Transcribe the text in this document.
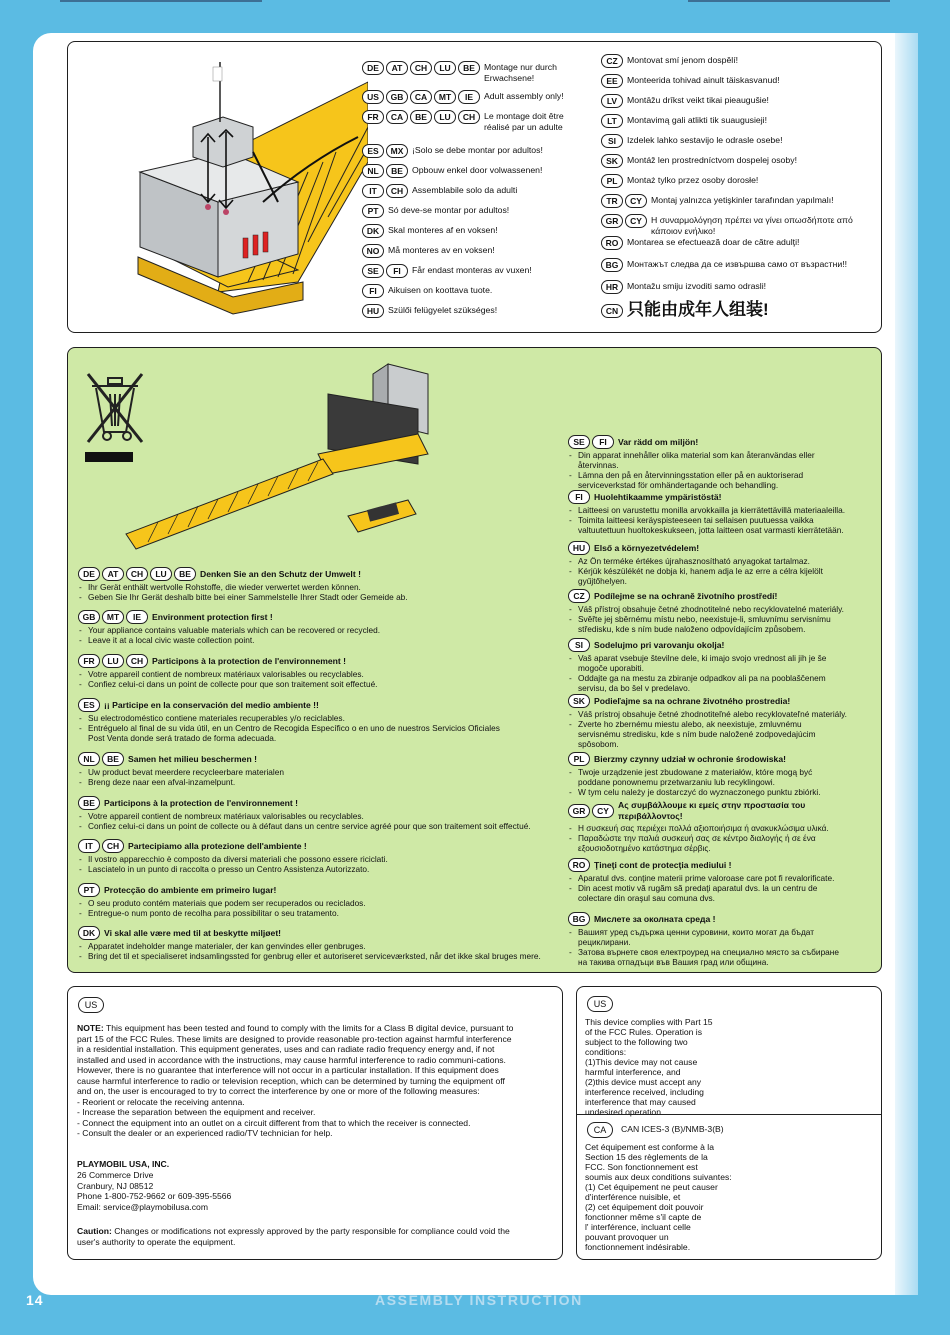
DE AT CH LU BE Montage nur durch
Erwachsene!
US GB CA MT IE Adult assembly only!
FR CA BE LU CH Le montage doit être
réalisé par un adulte
ES MX ¡Solo se debe montar por adultos!
NL BE Opbouw enkel door volwassenen!
IT CH Assemblabile solo da adulti
PT Só deve-se montar por adultos!
DK Skal monteres af en voksen!
NO Må monteres av en voksen!
SE FI Får endast monteras av vuxen!
FI Aikuisen on koottava tuote.
HU Szülői felügyelet szükséges!
CZ Montovat smí jenom dospělí!
EE Monteerida tohivad ainult täiskasvanud!
LV Montāžu drīkst veikt tikai pieaugušie!
LT Montavimą gali atlikti tik suaugusieji!
SI Izdelek lahko sestavijo le odrasle osebe!
SK Montáž len prostredníctvom dospelej osoby!
PL Montaż tylko przez osoby dorosłe!
TR CY Montaj yalnızca yetişkinler tarafından yapılmalı!
GR CY Η συναρμολόγηση πρέπει να γίνει οπωσδήποτε από
κάποιον ενήλικο!
RO Montarea se efectuează doar de către adulţi!
BG Монтажът следва да се извършва само от възрастни!!
HR Montažu smiju izvoditi samo odrasli!
CN 只能由成年人组装!
DE AT CH LU BE Denken Sie an den Schutz der Umwelt !
- Ihr Gerät enthält wertvolle Rohstoffe, die wieder verwertet werden können.
- Geben Sie Ihr Gerät deshalb bitte bei einer Sammelstelle Ihrer Stadt oder Gemeide ab.
GB MT IE Environment protection first !
- Your appliance contains valuable materials which can be recovered or recycled.
- Leave it at a local civic waste collection point.
FR LU CH Participons à la protection de l'environnement !
- Votre appareil contient de nombreux matériaux valorisables ou recyclables.
- Confiez celui-ci dans un point de collecte pour que son traitement soit effectué.
ES ¡¡ Participe en la conservación del medio ambiente !!
- Su electrodoméstico contiene materiales recuperables y/o reciclables.
- Entréguelo al final de su vida útil, en un Centro de Recogida Específico o en uno de nuestros Servicios Oficiales
Post Venta donde será tratado de forma adecuada.
NL BE Samen het milieu beschermen !
- Uw product bevat meerdere recycleerbare materialen
- Breng deze naar een afval-inzamelpunt.
BE Participons à la protection de l'environnement !
- Votre appareil contient de nombreux matériaux valorisables ou recyclables.
- Confiez celui-ci dans un point de collecte ou à défaut dans un centre service agréé pour que son traitement soit effectué.
IT CH Partecipiamo alla protezione dell'ambiente !
- Il vostro apparecchio è composto da diversi materiali che possono essere riciclati.
- Lasciatelo in un punto di raccolta o presso un Centro Assistenza Autorizzato.
PT Protecção do ambiente em primeiro lugar!
- O seu produto contém materiais que podem ser recuperados ou reciclados.
- Entregue-o num ponto de recolha para possibilitar o seu tratamento.
DK Vi skal alle være med til at beskytte miljøet!
- Apparatet indeholder mange materialer, der kan genvindes eller genbruges.
- Bring det til et specialiseret indsamlingssted for genbrug eller et autoriseret serviceværksted, når det ikke skal bruges mere.
SE FI Var rädd om miljön!
- Din apparat innehåller olika material som kan återanvändas eller
återvinnas.
- Lämna den på en återvinningsstation eller på en auktoriserad
serviceverkstad för omhändertagande och behandling.
FI Huolehtikaamme ympäristöstä!
- Laitteesi on varustettu monilla arvokkailla ja kierrätettävillä materiaaleilla.
- Toimita laitteesi keräyspisteeseen tai sellaisen puutuessa vaikka
valtuutettuun huoltokeskukseen, jotta laitteen osat varmasti kierrätetään.
HU Első a környezetvédelem!
- Az Ön terméke értékes újrahasznosítható anyagokat tartalmaz.
- Kérjük készülékét ne dobja ki, hanem adja le az erre a célra kijelölt
gyűjtőhelyen.
CZ Podílejme se na ochraně životního prostředí!
- Váš přístroj obsahuje četné zhodnotitelné nebo recyklovatelné materiály.
- Svěřte jej sběrnému místu nebo, neexistuje-li, smluvnímu servisnímu
středisku, kde s ním bude naloženo odpovídajícím způsobem.
SI Sodelujmo pri varovanju okolja!
- Vaš aparat vsebuje številne dele, ki imajo svojo vrednost ali jih je še
mogoče uporabiti.
- Oddajte ga na mestu za zbiranje odpadkov ali pa na pooblaščenem
servisu, da bo šel v predelavo.
SK Podieľajme sa na ochrane životného prostredia!
- Váš prístroj obsahuje četné zhodnotiteľné alebo recyklovateľné materiály.
- Zverte ho zbernému miestu alebo, ak neexistuje, zmluvnému
servisnému stredisku, kde s ním bude naložené zodpovedajúcim
spôsobom.
PL Bierzmy czynny udział w ochronie środowiska!
- Twoje urządzenie jest zbudowane z materiałów, które mogą być
poddane ponownemu przetwarzaniu lub recyklingowi.
- W tym celu należy je dostarczyć do wyznaczonego punktu zbiórki.
GR CYΑς συμβάλλουμε κι εμείς στην προστασία του
περιβάλλοντος!
- Η συσκευή σας περιέχει πολλά αξιοποιήσιμα ή ανακυκλώσιμα υλικά.
- Παραδώστε την παλιά συσκευή σας σε κέντρο διαλογής ή σε ένα
εξουσιοδοτημένο κατάστημα σέρβις.
RO Ţineţi cont de protecţia mediului !
- Aparatul dvs. conţine materii prime valoroase care pot fi revalorificate.
- Din acest motiv vă rugăm să predaţi aparatul dvs. la un centru de
colectare din oraşul sau comuna dvs.
BG Мислете за околната среда !
- Вашият уред съдържа ценни суровини, които могат да бъдат
рециклирани.
- Затова върнете своя електроуред на специално място за събиране
на такива отпадъци във Вашия град или община.
US
NOTE: This equipment has been tested and found to comply with the limits for a Class B digital device, pursuant to
part 15 of the FCC Rules. These limits are designed to provide reasonable pro-tection against harmful interference
in a residential installation. This equipment generates, uses and can radiate radio frequency energy and, if not
installed and used in accordance with the instructions, may cause harmful interference to radio communi-cations.
However, there is no guarantee that interference will not occur in a particular installation. If this equipment does
cause harmful interference to radio or television reception, which can be determined by turning the equipment off
and on, the user is encouraged to try to correct the interference by one or more of the following measures:
- Reorient or relocate the receiving antenna.
- Increase the separation between the equipment and receiver.
- Connect the equipment into an outlet on a circuit different from that to which the receiver is connected.
- Consult the dealer or an experienced radio/TV technician for help.
PLAYMOBIL USA, INC.
26 Commerce Drive
Cranbury, NJ 08512
Phone 1-800-752-9662 or 609-395-5566
Email: service@playmobilusa.com
Caution: Changes or modifications not expressly approved by the party responsible for compliance could void the
user's authority to operate the equipment.
US
This device complies with Part 15
of the FCC Rules. Operation is
subject to the following two
conditions:
(1)This device may not cause
harmful interference, and
(2)this device must accept any
interference received, including
interference that may caused
undesired operation.
CA	CAN ICES-3 (B)/NMB-3(B)
Cet équipement est conforme à la
Section 15 des règlements de la
FCC. Son fonctionnement est
soumis aux deux conditions suivantes:
(1) Cet équipement ne peut causer
d'interférence nuisible, et
(2) cet équipement doit pouvoir
fonctionner même s'il capte de
l' interférence, incluant celle
pouvant provoquer un
fonctionnement indésirable.
14	ASSEMBLY INSTRUCTION
